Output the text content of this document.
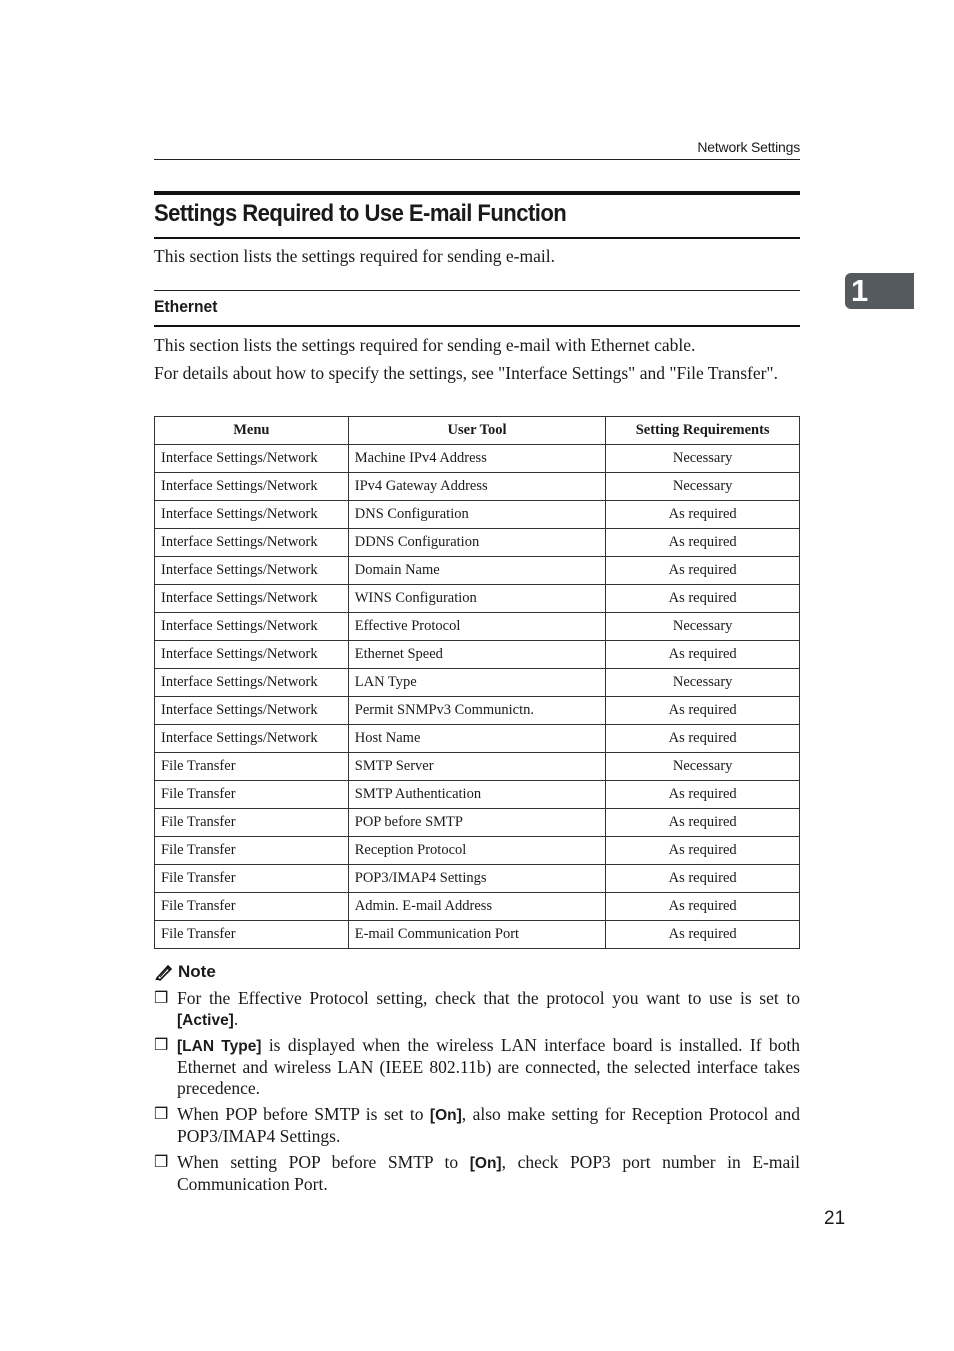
Network Settings
1
Settings Required to Use E-mail Function
This section lists the settings required for sending e-mail.
Ethernet
This section lists the settings required for sending e-mail with Ethernet cable.
For details about how to specify the settings, see "Interface Settings" and "File Transfer".
Menu	User Tool	Setting Requirements
Interface Settings/Network	Machine IPv4 Address	Necessary
Interface Settings/Network	IPv4 Gateway Address	Necessary
Interface Settings/Network	DNS Configuration	As required
Interface Settings/Network	DDNS Configuration	As required
Interface Settings/Network	Domain Name	As required
Interface Settings/Network	WINS Configuration	As required
Interface Settings/Network	Effective Protocol	Necessary
Interface Settings/Network	Ethernet Speed	As required
Interface Settings/Network	LAN Type	Necessary
Interface Settings/Network	Permit SNMPv3 Communictn.	As required
Interface Settings/Network	Host Name	As required
File Transfer	SMTP Server	Necessary
File Transfer	SMTP Authentication	As required
File Transfer	POP before SMTP	As required
File Transfer	Reception Protocol	As required
File Transfer	POP3/IMAP4 Settings	As required
File Transfer	Admin. E-mail Address	As required
File Transfer	E-mail Communication Port	As required
Note
❒ For the Effective Protocol setting, check that the protocol you want to use is set to [Active].
❒ [LAN Type] is displayed when the wireless LAN interface board is installed. If both Ethernet and wireless LAN (IEEE 802.11b) are connected, the selected interface takes precedence.
❒ When POP before SMTP is set to [On], also make setting for Reception Protocol and POP3/IMAP4 Settings.
❒ When setting POP before SMTP to [On], check POP3 port number in E-mail Communication Port.
21
